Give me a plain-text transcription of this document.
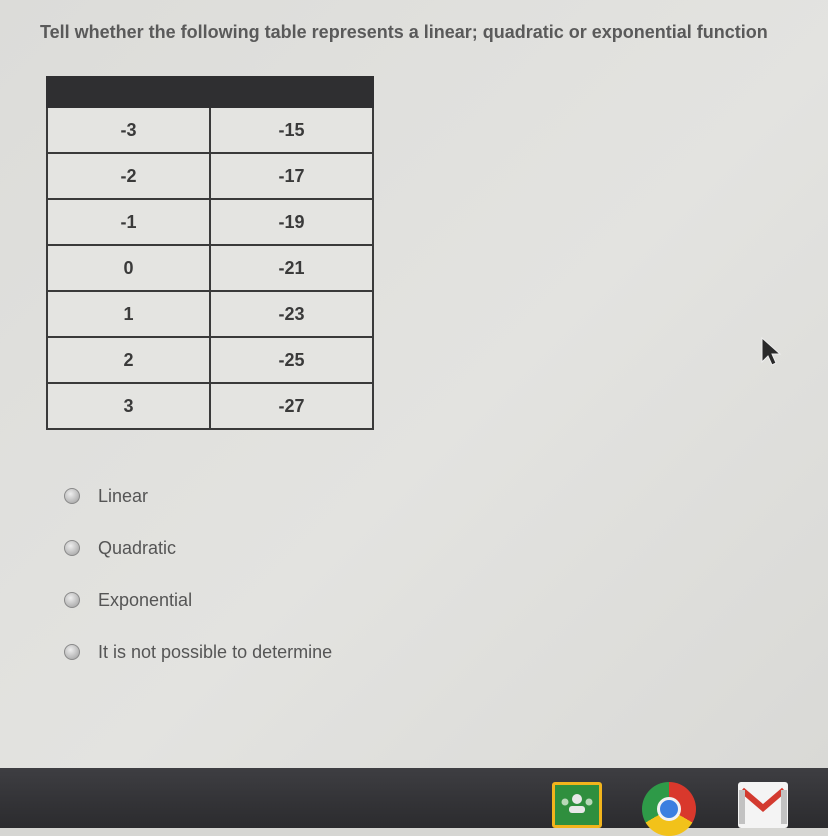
Tell whether the following table represents a linear; quadratic or exponential function

-3	-15
-2	-17
-1	-19
0	-21
1	-23
2	-25
3	-27
Linear
Quadratic
Exponential
It is not possible to determine
